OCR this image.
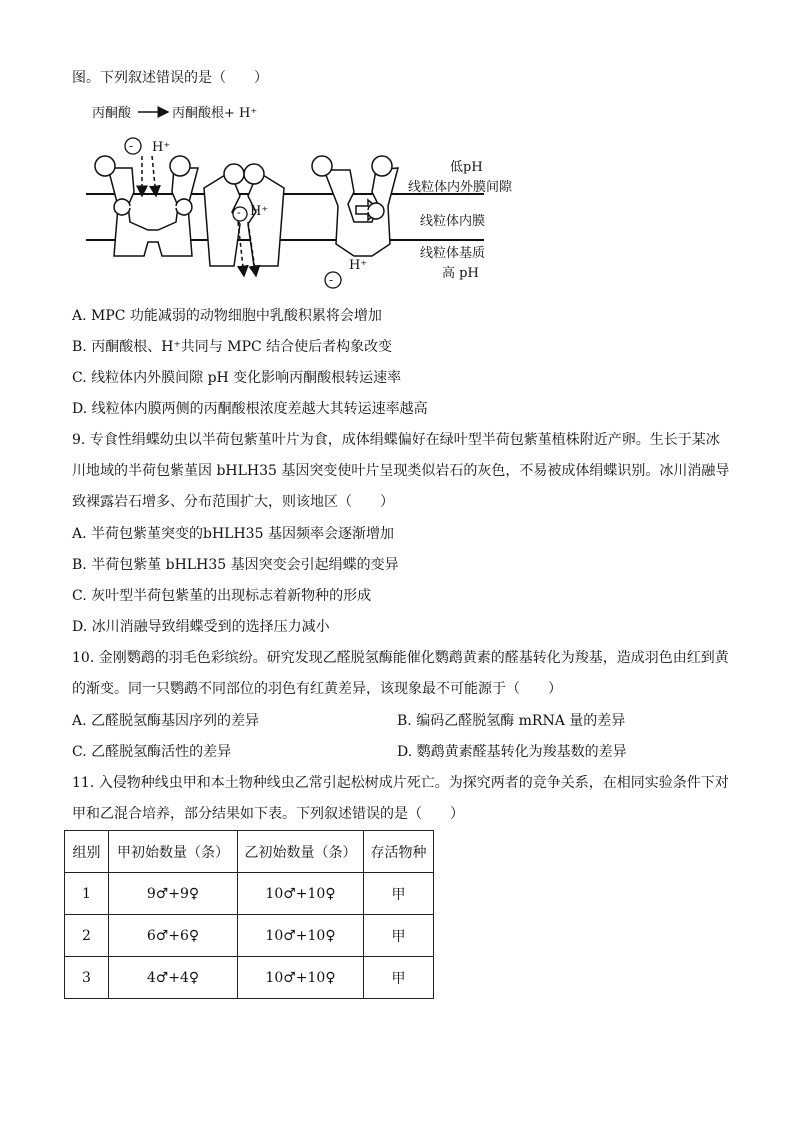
图。下列叙述错误的是（　　）
丙酮酸	丙酮酸根+ H⁺
- H⁺
- H⁺
-
H⁺
低pH
线粒体内外膜间隙
线粒体内膜
线粒体基质
高 pH
A. MPC 功能减弱的动物细胞中乳酸积累将会增加
B. 丙酮酸根、H⁺共同与 MPC 结合使后者构象改变
C. 线粒体内外膜间隙 pH 变化影响丙酮酸根转运速率
D. 线粒体内膜两侧的丙酮酸根浓度差越大其转运速率越高
9. 专食性绢蝶幼虫以半荷包紫堇叶片为食，成体绢蝶偏好在绿叶型半荷包紫堇植株附近产卵。生长于某冰
川地域的半荷包紫堇因 bHLH35 基因突变使叶片呈现类似岩石的灰色，不易被成体绢蝶识别。冰川消融导
致裸露岩石增多、分布范围扩大，则该地区（　　）
A. 半荷包紫堇突变的bHLH35 基因频率会逐渐增加
B. 半荷包紫堇 bHLH35 基因突变会引起绢蝶的变异
C. 灰叶型半荷包紫堇的出现标志着新物种的形成
D. 冰川消融导致绢蝶受到的选择压力减小
10. 金刚鹦鹉的羽毛色彩缤纷。研究发现乙醛脱氢酶能催化鹦鹉黄素的醛基转化为羧基，造成羽色由红到黄
的渐变。同一只鹦鹉不同部位的羽色有红黄差异，该现象最不可能源于（　　）
A. 乙醛脱氢酶基因序列的差异	B. 编码乙醛脱氢酶 mRNA 量的差异
C. 乙醛脱氢酶活性的差异	D. 鹦鹉黄素醛基转化为羧基数的差异
11. 入侵物种线虫甲和本土物种线虫乙常引起松树成片死亡。为探究两者的竞争关系，在相同实验条件下对
甲和乙混合培养，部分结果如下表。下列叙述错误的是（　　）
组别	甲初始数量（条）	乙初始数量（条）	存活物种
1	9♂+9♀	10♂+10♀	甲
2	6♂+6♀	10♂+10♀	甲
3	4♂+4♀	10♂+10♀	甲
